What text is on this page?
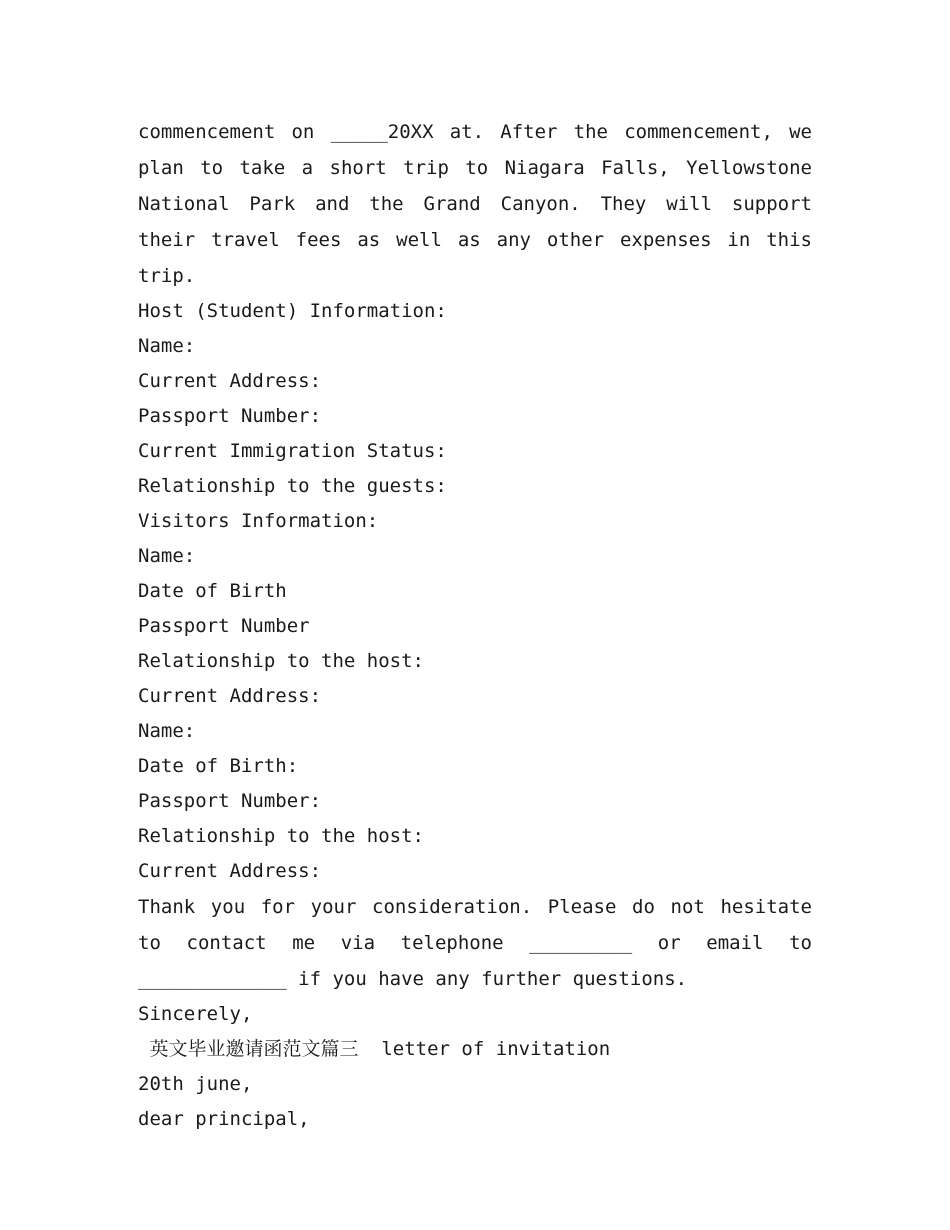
commencement on _____20XX at. After the commencement, we plan to take a short trip to Niagara Falls, Yellowstone National Park and the Grand Canyon. They will support their travel fees as well as any other expenses in this trip.

Host (Student) Information:
Name:
Current Address:
Passport Number:
Current Immigration Status:
Relationship to the guests:
Visitors Information:
Name:
Date of Birth
Passport Number
Relationship to the host:
Current Address:
Name:
Date of Birth:
Passport Number:
Relationship to the host:
Current Address:

Thank you for your consideration. Please do not hesitate to contact me via telephone _________ or email to _____________ if you have any further questions.

Sincerely,
英文毕业邀请函范文篇三 letter of invitation
20th june,
dear principal,
